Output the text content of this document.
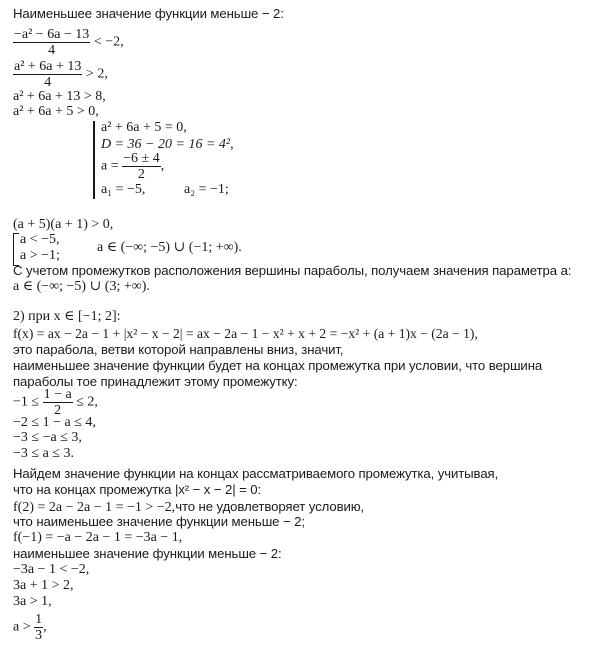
Наименьшее значение функции меньше − 2:
$\frac{\text{−a² − 6a − 13}}{4} < -2$,
$\frac{\text{a² + 6a + 13}}{4} > 2$,
a² + 6a + 13 > 8,
a² + 6a + 5 > 0,
a² + 6a + 5 = 0,
D = 36 − 20 = 16 = 4²,
$a = \frac{-6 \pm 4}{2}$ ,
a₁ = −5,	a₂ = −1;
(a + 5)(a + 1) > 0,
a < −5,
a > −1;
a ∈ (−∞; −5) ∪ (−1; +∞).
С учетом промежутков расположения вершины параболы, получаем значения параметра a:
a ∈ (−∞; −5) ∪ (3; +∞).
2) при x ∈ [−1; 2]:
f(x) = ax − 2a − 1 + |x² − x − 2| = ax − 2a − 1 − x² + x + 2 = −x² + (a + 1)x − (2a − 1),
это парабола, ветви которой направлены вниз, значит,
наименьшее значение функции будет на концах промежутка при условии, что вершина
параболы тое принадлежит этому промежутку:
$-1 \le \frac{1 - a}{2} \le 2$,
−2 ≤ 1 − a ≤ 4,
−3 ≤ −a ≤ 3,
−3 ≤ a ≤ 3.
Найдем значение функции на концах рассматриваемого промежутка, учитывая,
что на концах промежутка |x² − x − 2| = 0:
f(2) = 2a − 2a − 1 = −1 > −2,что не удовлетворяет условию,
что наименьшее значение функции меньше − 2;
f(−1) = −a − 2a − 1 = −3a − 1,
наименьшее значение функции меньше − 2:
−3a − 1 < −2,
3a + 1 > 2,
3a > 1,
$a > \frac{1}{3}$ ,
